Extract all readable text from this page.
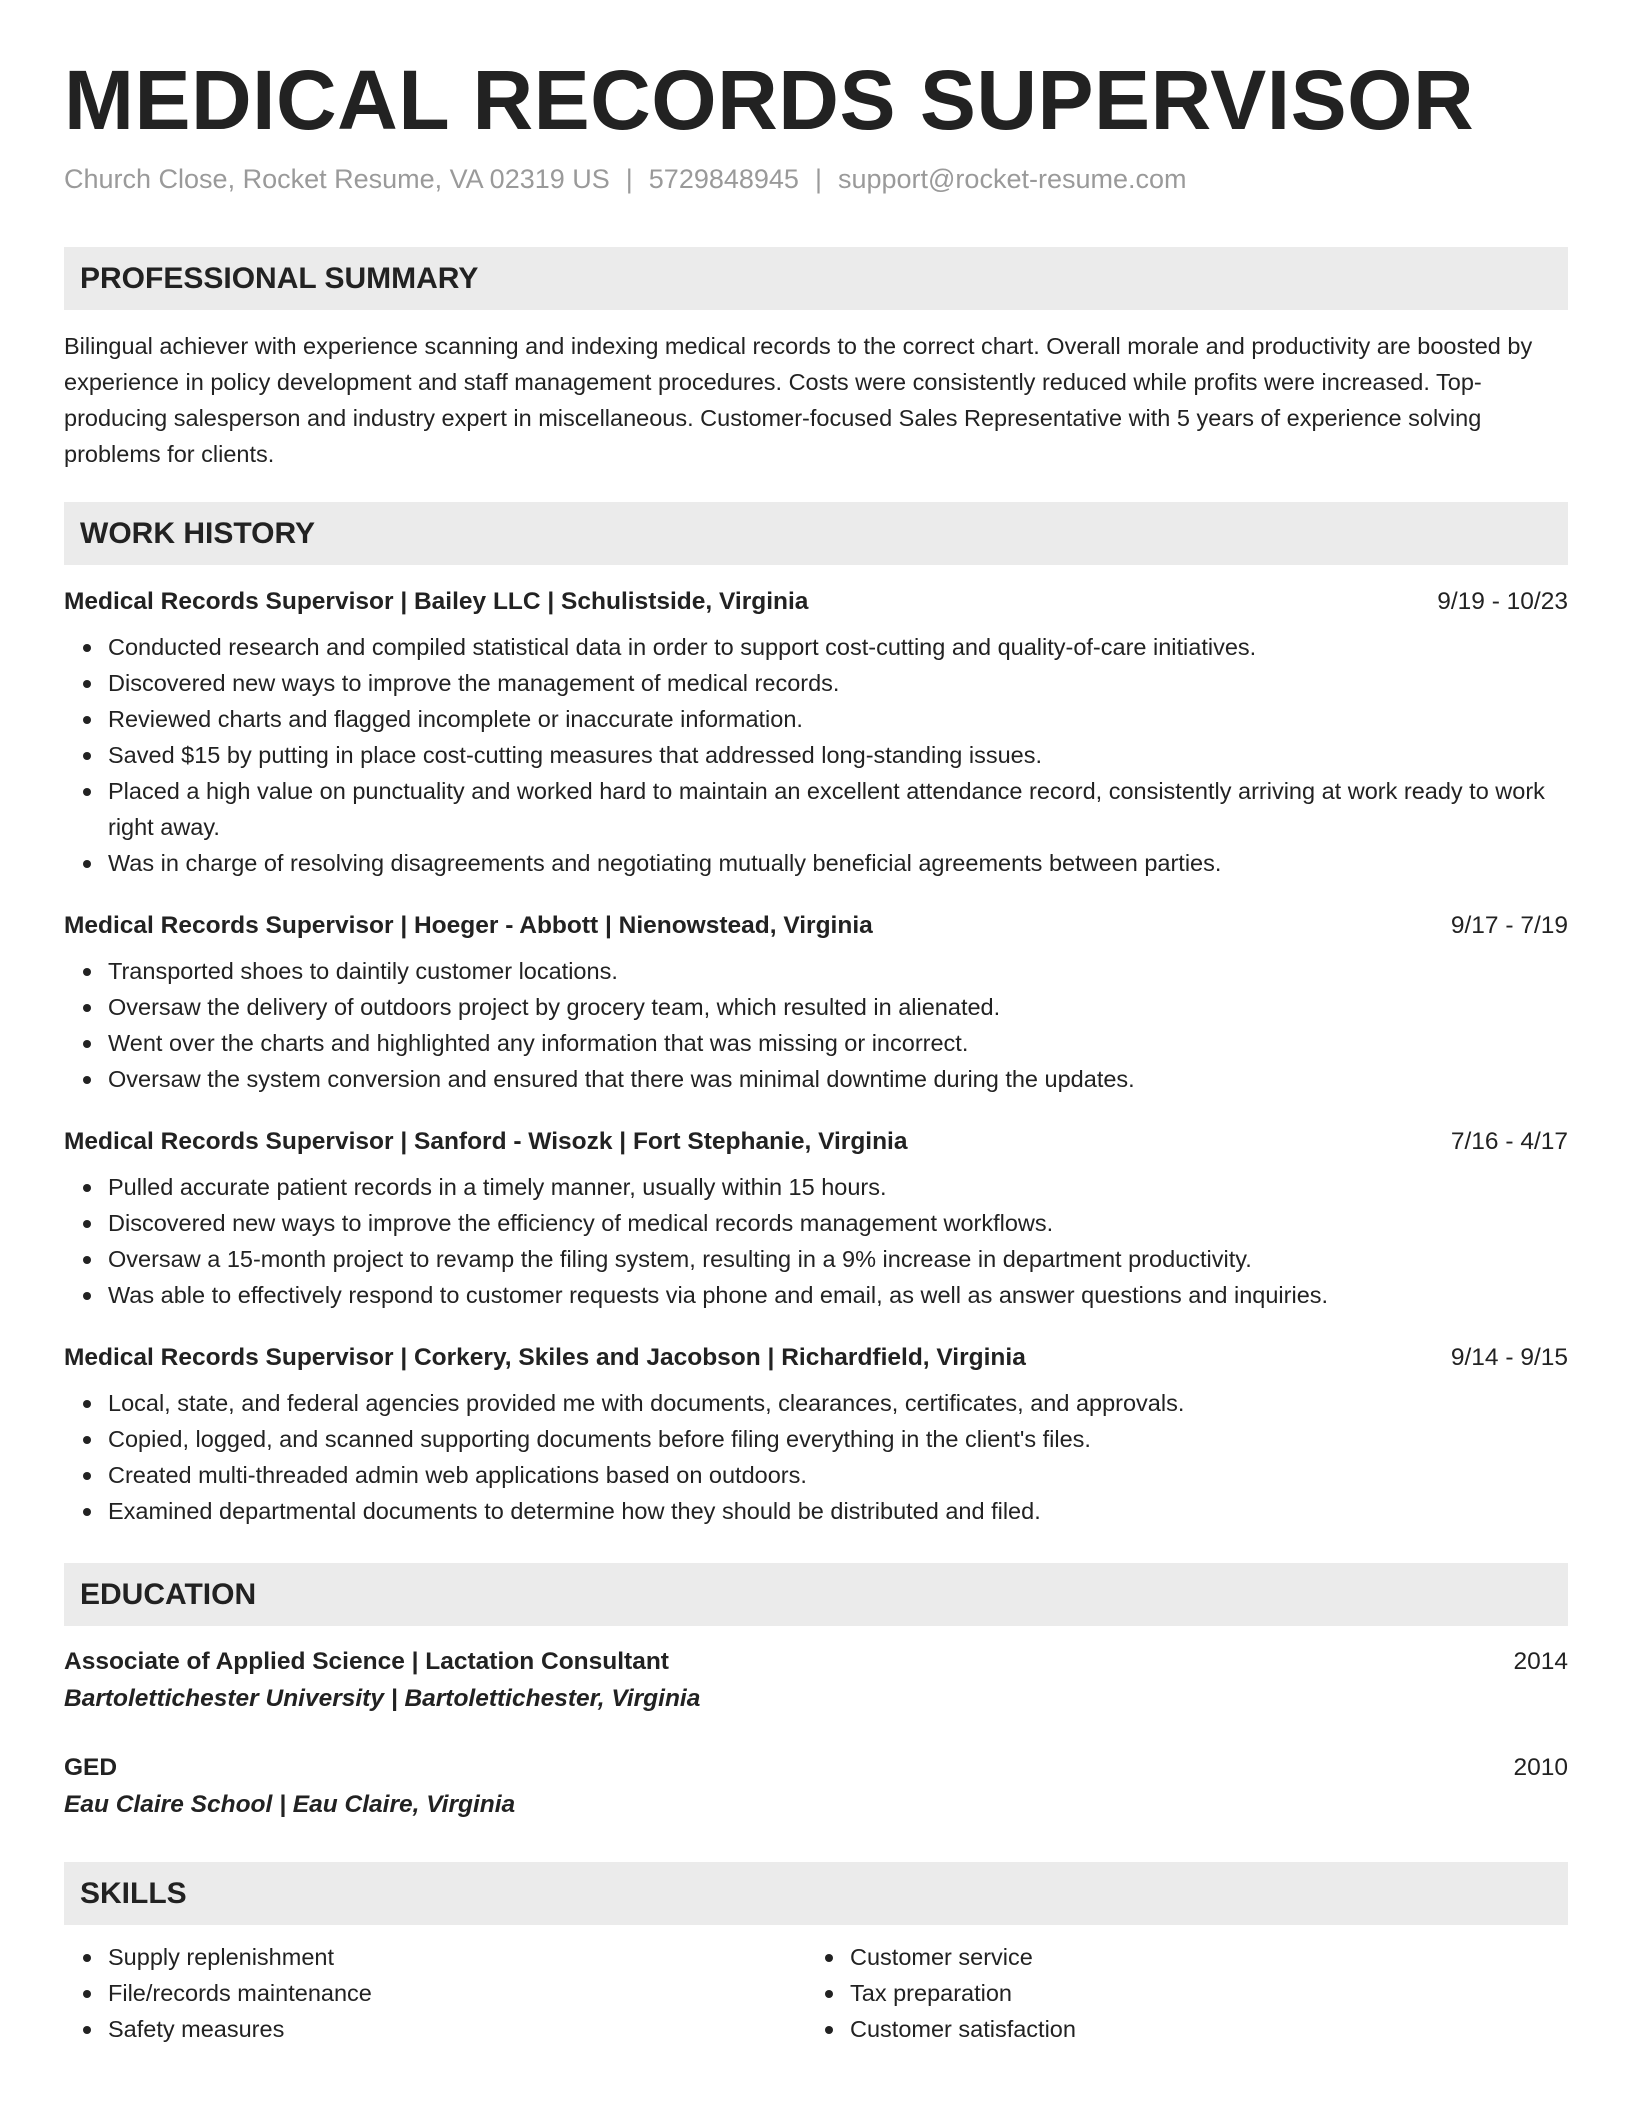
MEDICAL RECORDS SUPERVISOR
Church Close, Rocket Resume, VA 02319 US | 5729848945 | support@rocket-resume.com
PROFESSIONAL SUMMARY
Bilingual achiever with experience scanning and indexing medical records to the correct chart. Overall morale and productivity are boosted by experience in policy development and staff management procedures. Costs were consistently reduced while profits were increased. Top-producing salesperson and industry expert in miscellaneous. Customer-focused Sales Representative with 5 years of experience solving problems for clients.
WORK HISTORY
Medical Records Supervisor | Bailey LLC | Schulistside, Virginia	9/19 - 10/23
Conducted research and compiled statistical data in order to support cost-cutting and quality-of-care initiatives.
Discovered new ways to improve the management of medical records.
Reviewed charts and flagged incomplete or inaccurate information.
Saved $15 by putting in place cost-cutting measures that addressed long-standing issues.
Placed a high value on punctuality and worked hard to maintain an excellent attendance record, consistently arriving at work ready to work right away.
Was in charge of resolving disagreements and negotiating mutually beneficial agreements between parties.
Medical Records Supervisor | Hoeger - Abbott | Nienowstead, Virginia	9/17 - 7/19
Transported shoes to daintily customer locations.
Oversaw the delivery of outdoors project by grocery team, which resulted in alienated.
Went over the charts and highlighted any information that was missing or incorrect.
Oversaw the system conversion and ensured that there was minimal downtime during the updates.
Medical Records Supervisor | Sanford - Wisozk | Fort Stephanie, Virginia	7/16 - 4/17
Pulled accurate patient records in a timely manner, usually within 15 hours.
Discovered new ways to improve the efficiency of medical records management workflows.
Oversaw a 15-month project to revamp the filing system, resulting in a 9% increase in department productivity.
Was able to effectively respond to customer requests via phone and email, as well as answer questions and inquiries.
Medical Records Supervisor | Corkery, Skiles and Jacobson | Richardfield, Virginia	9/14 - 9/15
Local, state, and federal agencies provided me with documents, clearances, certificates, and approvals.
Copied, logged, and scanned supporting documents before filing everything in the client's files.
Created multi-threaded admin web applications based on outdoors.
Examined departmental documents to determine how they should be distributed and filed.
EDUCATION
Associate of Applied Science | Lactation Consultant	2014
Bartolettichester University | Bartolettichester, Virginia
GED	2010
Eau Claire School | Eau Claire, Virginia
SKILLS
Supply replenishment
File/records maintenance
Safety measures
Customer service
Tax preparation
Customer satisfaction
